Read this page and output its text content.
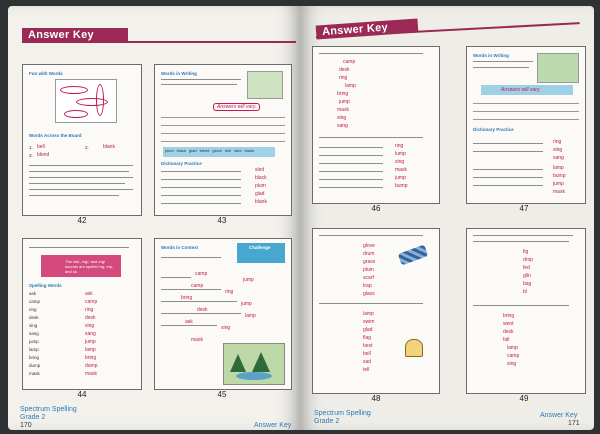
Answer Key
Fun with Words
Words Across the Board
1. bell	2.	blank
3. blend
42
Words in Writing
Answers will vary.
plum black glad blend glove bell sled blank
Dictionary Practice
sled
black
plum
glad
blank
43
The /nk/, /ng/, and /ng/ sounds are spelled ng, mp, and sk.
Spelling Words
ask	ask
camp	camp
ring	ring
desk	desk
sing	sing
sang	sang
jump	jump
lamp	lamp
bring	bring
dump	dump
mask	mask
44
Words in Context	Challenge
camp
jump
camp
ring
bring
jump
desk
lamp
ask
sing
mask
45
Spectrum Spelling
Grade 2
170	Answer Key
Answer Key
camp
desk
ring
lamp
bring
jump
mask
sing
sang
ring
lump
sing
mask
jump
bump
46
Words in Writing
Answers will vary.
Dictionary Practice
ring
sing
sang
lamp
bump
jump
mask
47
glove
drum
grass
plum
scarf
trap
glass
lamp
swim
glad
flag
best
bell
sad
tell
48
fig
drop
fed
glin
bag
bl
bring
went
desk
fall
lamp
camp
sing
49
Spectrum Spelling
Grade 2
Answer Key
171
